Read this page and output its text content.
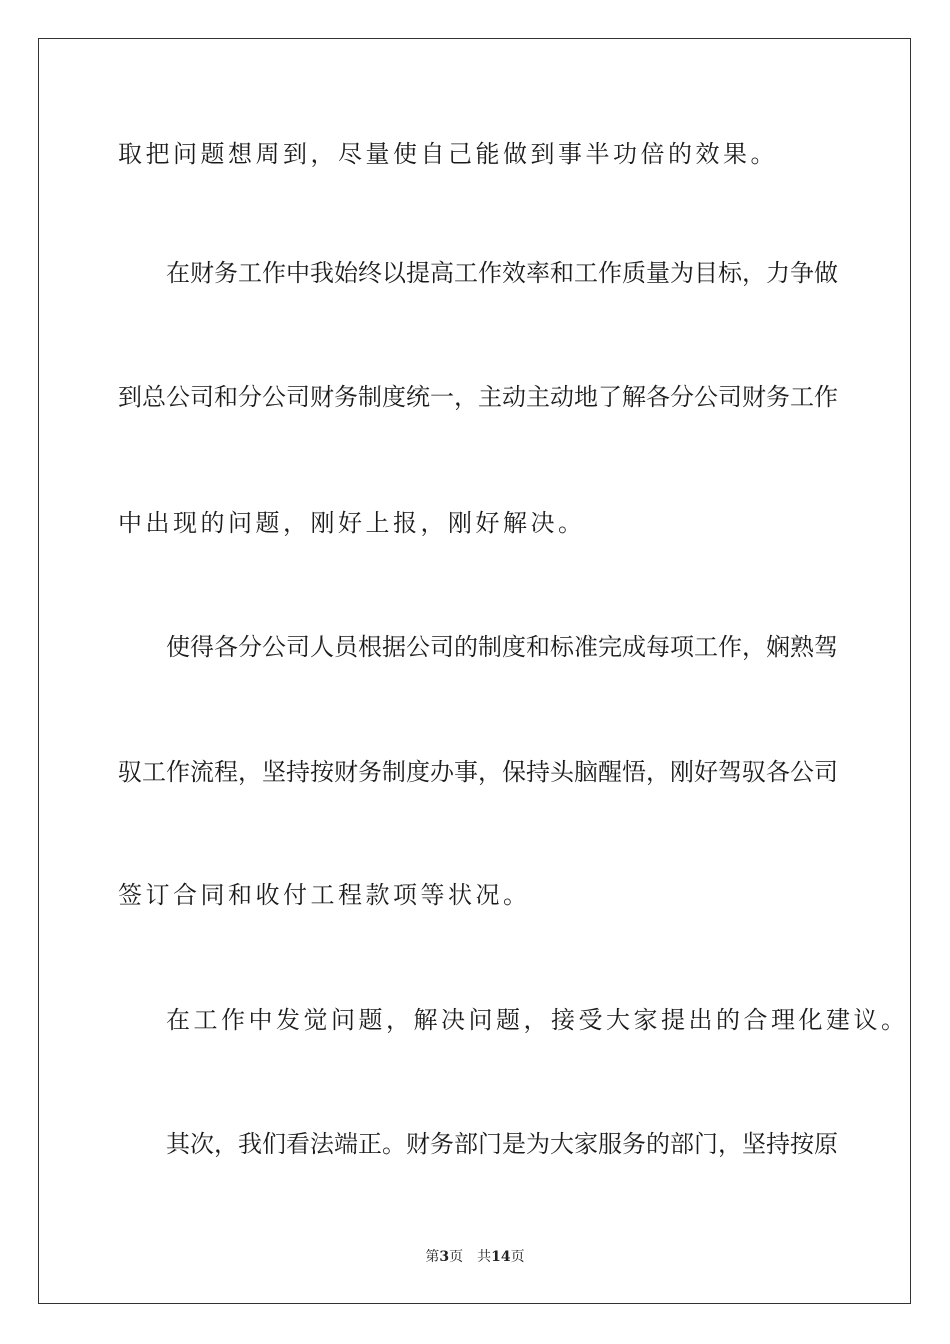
取把问题想周到，尽量使自己能做到事半功倍的效果。
在财务工作中我始终以提高工作效率和工作质量为目标，力争做
到总公司和分公司财务制度统一，主动主动地了解各分公司财务工作
中出现的问题，刚好上报，刚好解决。
使得各分公司人员根据公司的制度和标准完成每项工作，娴熟驾
驭工作流程，坚持按财务制度办事，保持头脑醒悟，刚好驾驭各公司
签订合同和收付工程款项等状况。
在工作中发觉问题，解决问题，接受大家提出的合理化建议。
其次，我们看法端正。财务部门是为大家服务的部门，坚持按原
第3页 共14页
